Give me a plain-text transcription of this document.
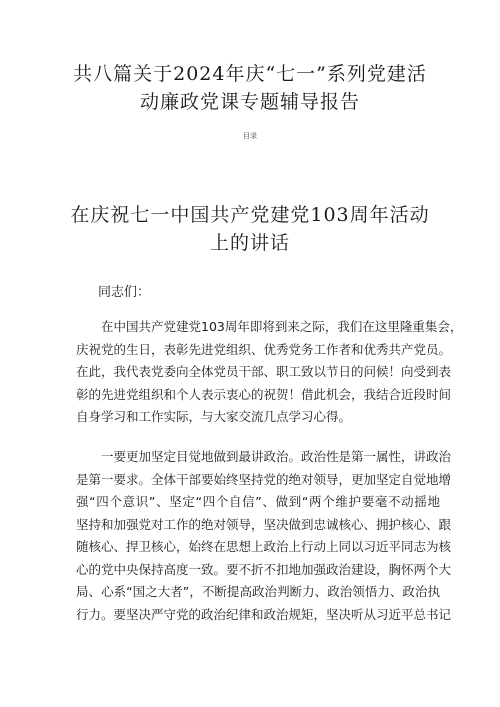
共八篇关于2024年庆“七一”系列党建活
动廉政党课专题辅导报告
目录
在庆祝七一中国共产党建党103周年活动
上的讲话
同志们：

在中国共产党建党103周年即将到来之际，我们在这里隆重集会，
庆祝党的生日，表彰先进党组织、优秀党务工作者和优秀共产党员。
在此，我代表党委向全体党员干部、职工致以节日的问候！向受到表
彰的先进党组织和个人表示衷心的祝贺！借此机会，我结合近段时间
自身学习和工作实际，与大家交流几点学习心得。

一要更加坚定目觉地做到最讲政治。政治性是第一属性，讲政治
是第一要求。全体干部要始终坚持党的绝对领导，更加坚定自觉地增
强“四个意识”、坚定“四个自信”、做到“两个维护要毫不动摇地
坚持和加强党对工作的绝对领导，坚决做到忠诚核心、拥护核心、跟
随核心、捍卫核心，始终在思想上政治上行动上同以习近平同志为核
心的党中央保持高度一致。要不折不扣地加强政治建设，胸怀两个大
局、心系“国之大者”，不断提高政治判断力、政治领悟力、政治执
行力。要坚决严守党的政治纪律和政治规矩，坚决听从习近平总书记
